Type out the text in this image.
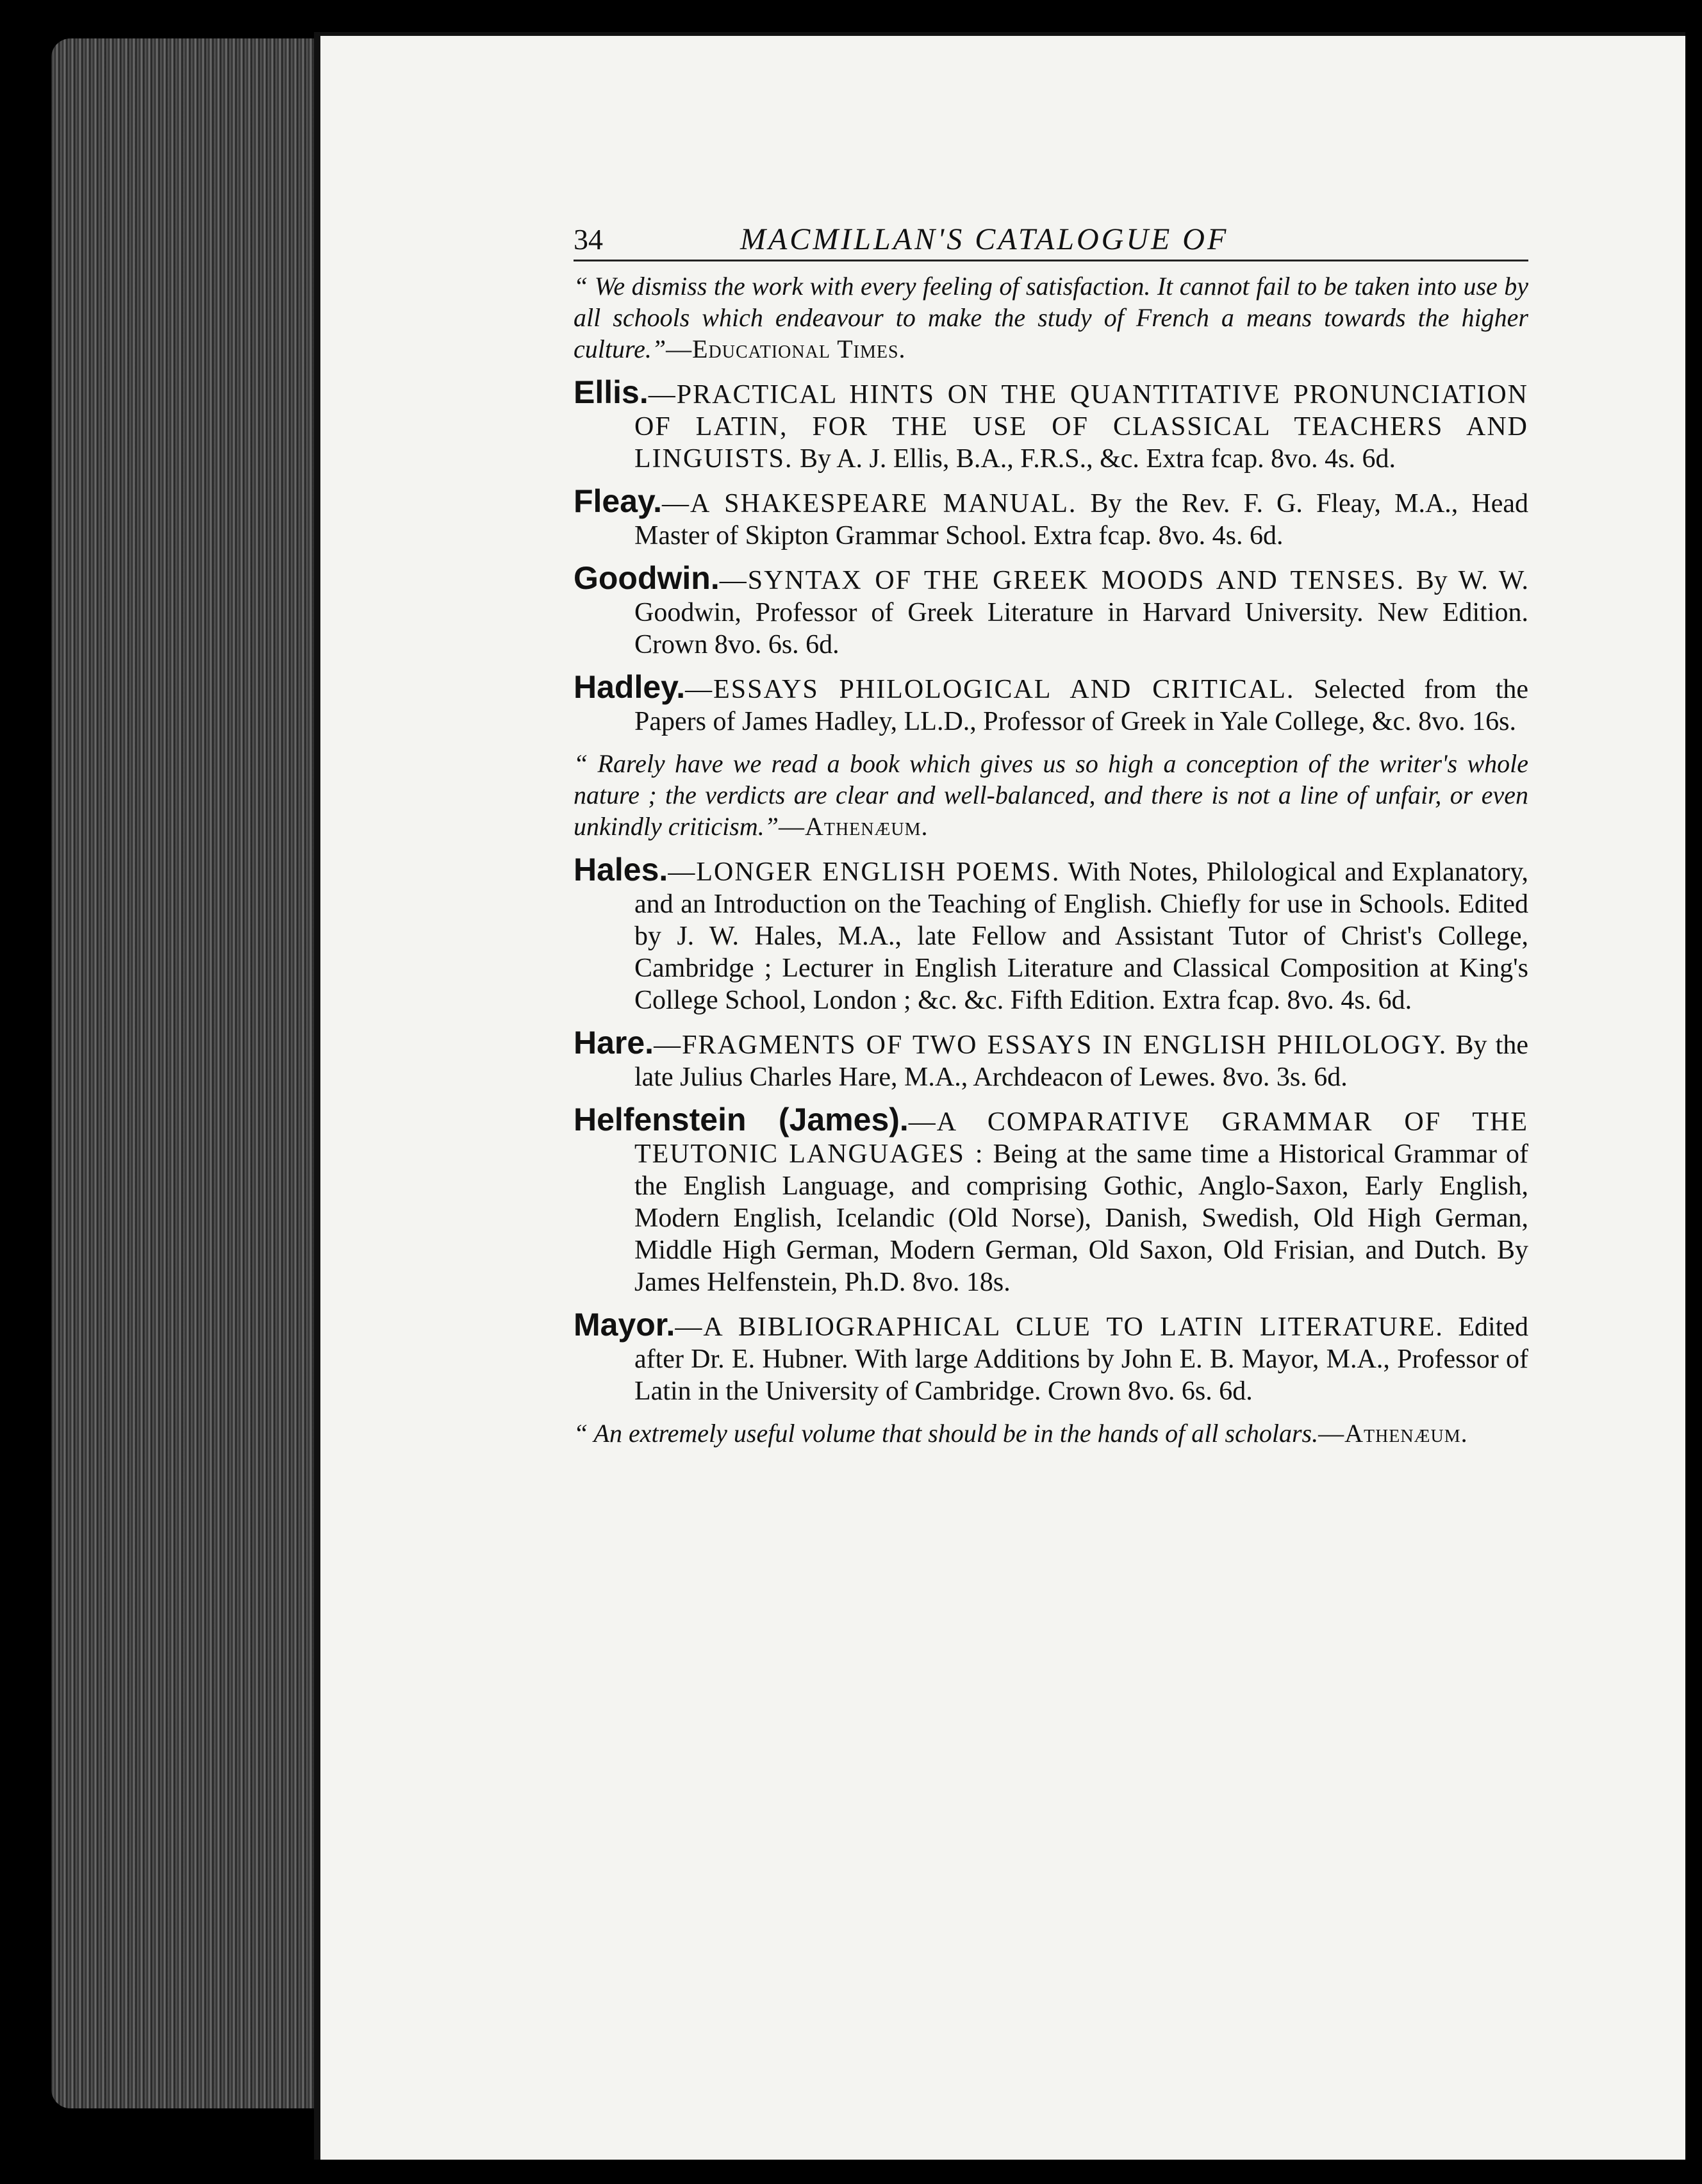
34	MACMILLAN'S CATALOGUE OF
“ We dismiss the work with every feeling of satisfaction. It cannot fail to be taken into use by all schools which endeavour to make the study of French a means towards the higher culture.”—Educational Times.
Ellis.—PRACTICAL HINTS ON THE QUANTITATIVE PRONUNCIATION OF LATIN, FOR THE USE OF CLASSICAL TEACHERS AND LINGUISTS. By A. J. Ellis, B.A., F.R.S., &c. Extra fcap. 8vo. 4s. 6d.
Fleay.—A SHAKESPEARE MANUAL. By the Rev. F. G. Fleay, M.A., Head Master of Skipton Grammar School. Extra fcap. 8vo. 4s. 6d.
Goodwin.—SYNTAX OF THE GREEK MOODS AND TENSES. By W. W. Goodwin, Professor of Greek Literature in Harvard University. New Edition. Crown 8vo. 6s. 6d.
Hadley.—ESSAYS PHILOLOGICAL AND CRITICAL. Selected from the Papers of James Hadley, LL.D., Professor of Greek in Yale College, &c. 8vo. 16s.
“ Rarely have we read a book which gives us so high a conception of the writer's whole nature ; the verdicts are clear and well-balanced, and there is not a line of unfair, or even unkindly criticism.”—Athenæum.
Hales.—LONGER ENGLISH POEMS. With Notes, Philological and Explanatory, and an Introduction on the Teaching of English. Chiefly for use in Schools. Edited by J. W. Hales, M.A., late Fellow and Assistant Tutor of Christ's College, Cambridge ; Lecturer in English Literature and Classical Composition at King's College School, London ; &c. &c. Fifth Edition. Extra fcap. 8vo. 4s. 6d.
Hare.—FRAGMENTS OF TWO ESSAYS IN ENGLISH PHILOLOGY. By the late Julius Charles Hare, M.A., Archdeacon of Lewes. 8vo. 3s. 6d.
Helfenstein (James).—A COMPARATIVE GRAMMAR OF THE TEUTONIC LANGUAGES : Being at the same time a Historical Grammar of the English Language, and comprising Gothic, Anglo-Saxon, Early English, Modern English, Icelandic (Old Norse), Danish, Swedish, Old High German, Middle High German, Modern German, Old Saxon, Old Frisian, and Dutch. By James Helfenstein, Ph.D. 8vo. 18s.
Mayor.—A BIBLIOGRAPHICAL CLUE TO LATIN LITERATURE. Edited after Dr. E. Hubner. With large Additions by John E. B. Mayor, M.A., Professor of Latin in the University of Cambridge. Crown 8vo. 6s. 6d.
“ An extremely useful volume that should be in the hands of all scholars.—Athenæum.
